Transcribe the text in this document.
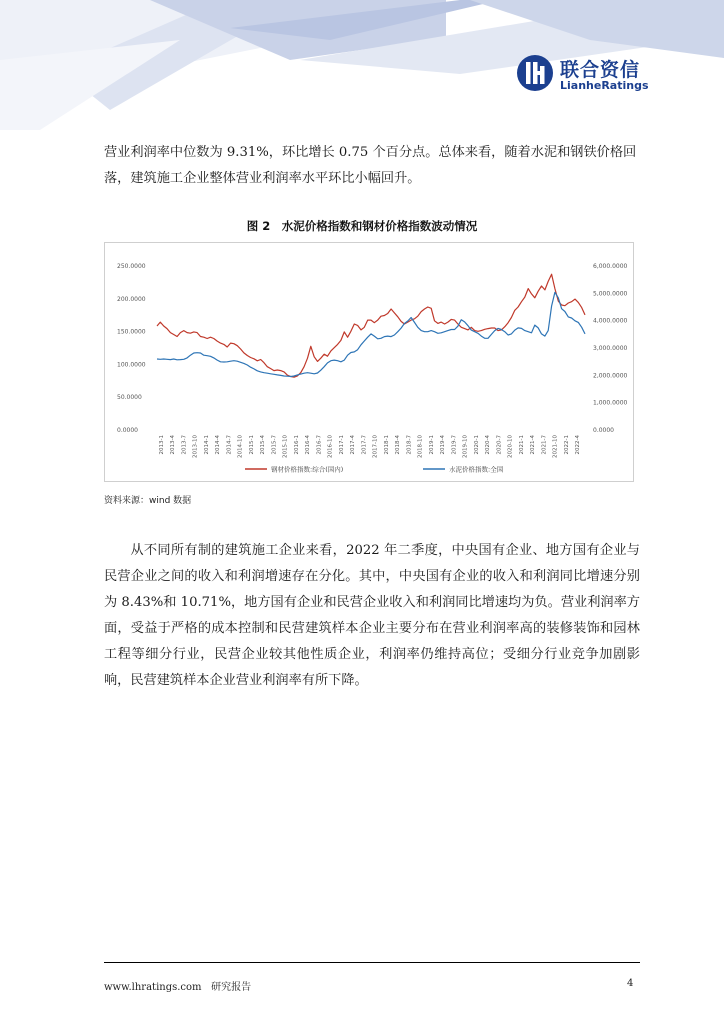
联合资信
LianheRatings

营业利润率中位数为 9.31%，环比增长 0.75 个百分点。总体来看，随着水泥和钢铁价格回落，建筑施工企业整体营业利润率水平环比小幅回升。

图 2　水泥价格指数和钢材价格指数波动情况
0.0000
50.0000
100.0000
150.0000
200.0000
250.0000
0.0000
1,000.0000
2,000.0000
3,000.0000
4,000.0000
5,000.0000
6,000.0000
2013-1 2013-4 2013-7 2013-10 2014-1 2014-4 2014-7 2014-10 2015-1 2015-4 2015-7 2015-10 2016-1 2016-4 2016-7 2016-10 2017-1 2017-4 2017-7 2017-10 2018-1 2018-4 2018-7 2018-10 2019-1 2019-4 2019-7 2019-10 2020-1 2020-4 2020-7 2020-10 2021-1 2021-4 2021-7 2021-10 2022-1 2022-4
钢材价格指数:综合(国内)	水泥价格指数:全国
资料来源：wind 数据

从不同所有制的建筑施工企业来看，2022 年二季度，中央国有企业、地方国有企业与民营企业之间的收入和利润增速存在分化。其中，中央国有企业的收入和利润同比增速分别为 8.43%和 10.71%，地方国有企业和民营企业收入和利润同比增速均为负。营业利润率方面，受益于严格的成本控制和民营建筑样本企业主要分布在营业利润率高的装修装饰和园林工程等细分行业，民营企业较其他性质企业，利润率仍维持高位；受细分行业竞争加剧影响，民营建筑样本企业营业利润率有所下降。

www.lhratings.com 研究报告	4
